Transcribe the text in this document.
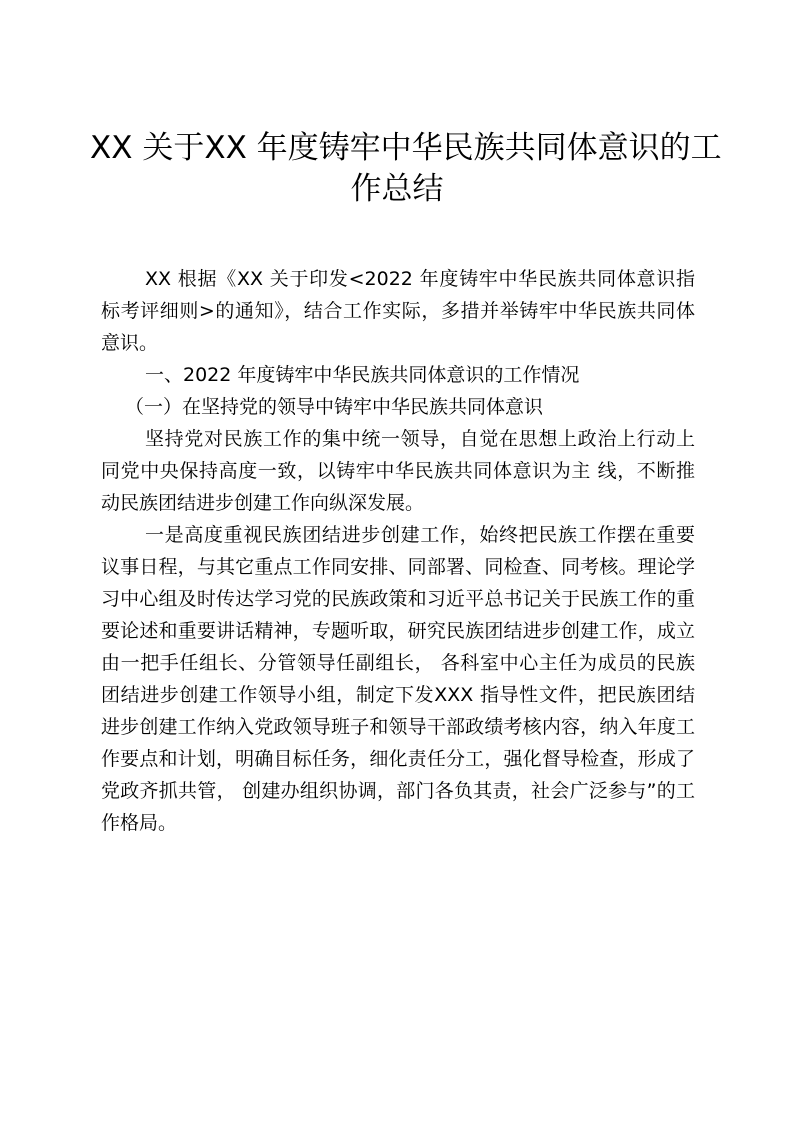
XX 关于XX 年度铸牢中华民族共同体意识的工
作总结

XX 根据《XX 关于印发<2022 年度铸牢中华民族共同体意识指标考评细则>的通知》，结合工作实际，多措并举铸牢中华民族共同体意识。

一、2022 年度铸牢中华民族共同体意识的工作情况

（一）在坚持党的领导中铸牢中华民族共同体意识

坚持党对民族工作的集中统一领导，自觉在思想上政治上行动上同党中央保持高度一致，以铸牢中华民族共同体意识为主 线，不断推动民族团结进步创建工作向纵深发展。

一是高度重视民族团结进步创建工作，始终把民族工作摆在重要议事日程，与其它重点工作同安排、同部署、同检查、同考核。理论学习中心组及时传达学习党的民族政策和习近平总书记关于民族工作的重要论述和重要讲话精神，专题听取，研究民族团结进步创建工作，成立由一把手任组长、分管领导任副组长， 各科室中心主任为成员的民族团结进步创建工作领导小组，制定下发XXX 指导性文件，把民族团结进步创建工作纳入党政领导班子和领导干部政绩考核内容，纳入年度工作要点和计划，明确目标任务，细化责任分工，强化督导检查，形成了党政齐抓共管， 创建办组织协调，部门各负其责，社会广泛参与”的工作格局。
